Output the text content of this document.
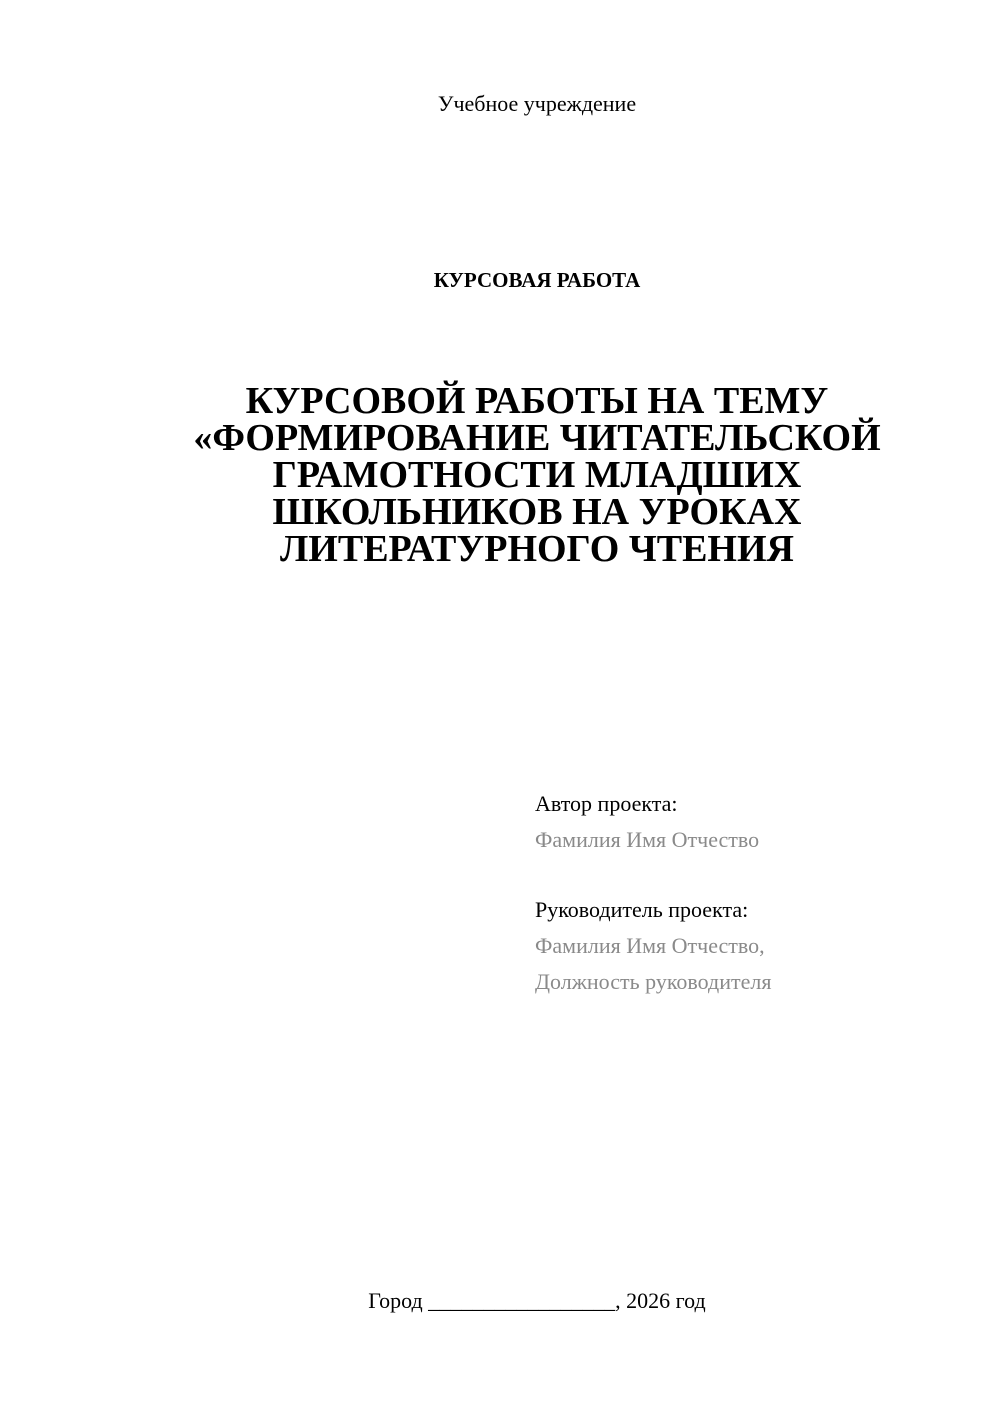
Учебное учреждение
КУРСОВАЯ РАБОТА
КУРСОВОЙ РАБОТЫ НА ТЕМУ
«ФОРМИРОВАНИЕ ЧИТАТЕЛЬСКОЙ
ГРАМОТНОСТИ МЛАДШИХ
ШКОЛЬНИКОВ НА УРОКАХ
ЛИТЕРАТУРНОГО ЧТЕНИЯ
Автор проекта:
Фамилия Имя Отчество
Руководитель проекта:
Фамилия Имя Отчество,
Должность руководителя
Город _________________, 2026 год
